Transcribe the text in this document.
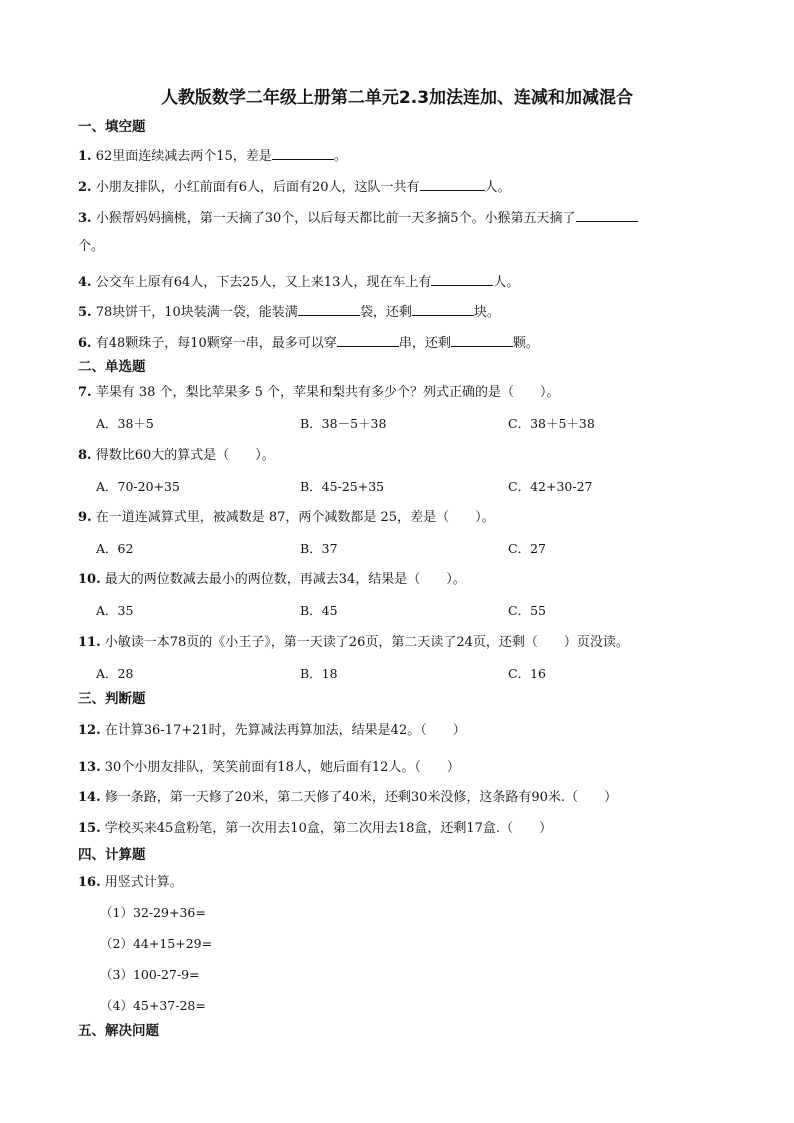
人教版数学二年级上册第二单元2.3加法连加、连减和加减混合
一、填空题
1. 62里面连续减去两个15，差是	。
2. 小朋友排队，小红前面有6人，后面有20人，这队一共有	人。
3. 小猴帮妈妈摘桃，第一天摘了30个，以后每天都比前一天多摘5个。小猴第五天摘了
个。
4. 公交车上原有64人，下去25人，又上来13人，现在车上有	人。
5. 78块饼干，10块装满一袋，能装满	袋，还剩	块。
6. 有48颗珠子，每10颗穿一串，最多可以穿	串，还剩	颗。
二、单选题
7. 苹果有 38 个，梨比苹果多 5 个，苹果和梨共有多少个？列式正确的是（　　）。
A．38＋5	B．38－5＋38	C．38＋5＋38
8. 得数比60大的算式是（　　）。
A．70-20+35	B．45-25+35	C．42+30-27
9. 在一道连减算式里，被减数是 87，两个减数都是 25，差是（　　）。
A．62	B．37	C．27
10. 最大的两位数减去最小的两位数，再减去34，结果是（　　）。
A．35	B．45	C．55
11. 小敏读一本78页的《小王子》，第一天读了26页，第二天读了24页，还剩（　　）页没读。
A．28	B．18	C．16
三、判断题
12. 在计算36-17+21时，先算减法再算加法，结果是42。（　　）
13. 30个小朋友排队，笑笑前面有18人，她后面有12人。（　　）
14. 修一条路，第一天修了20米，第二天修了40米，还剩30米没修，这条路有90米.（　　）
15. 学校买来45盒粉笔，第一次用去10盒，第二次用去18盒，还剩17盒.（　　）
四、计算题
16. 用竖式计算。
（1）32-29+36=
（2）44+15+29=
（3）100-27-9=
（4）45+37-28=
五、解决问题
